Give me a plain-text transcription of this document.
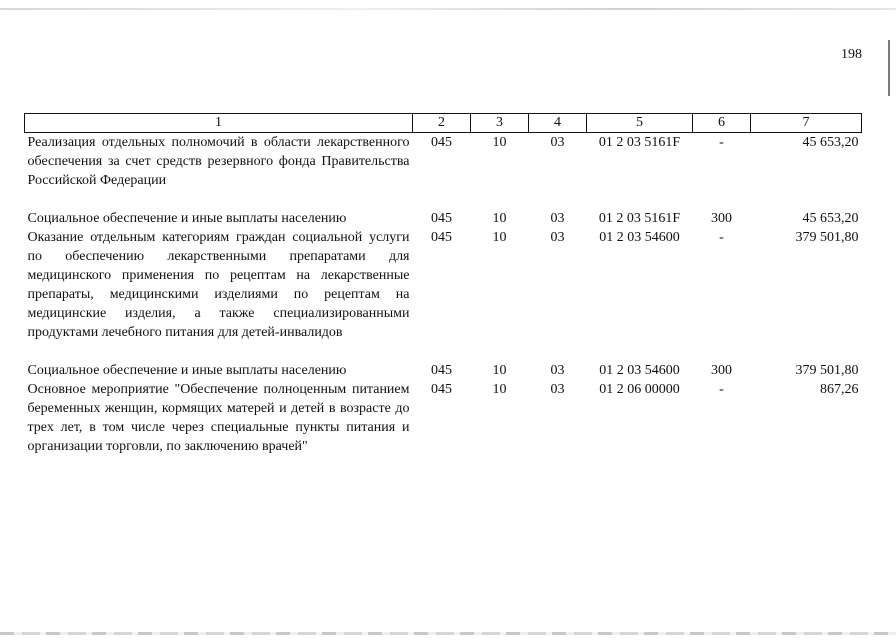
198
1	2	3	4	5	6	7
Реализация отдельных полномочий в области лекарственного обеспечения за счет средств резервного фонда Правительства Российской Федерации	045	10	03	01 2 03 5161F	-	45 653,20

Социальное обеспечение и иные выплаты населению	045	10	03	01 2 03 5161F	300	45 653,20
Оказание отдельным категориям граждан социальной услуги по обеспечению лекарственными препаратами для медицинского применения по рецептам на лекарственные препараты, медицинскими изделиями по рецептам на медицинские изделия, а также специализированными продуктами лечебного питания для детей-инвалидов	045	10	03	01 2 03 54600	-	379 501,80

Социальное обеспечение и иные выплаты населению	045	10	03	01 2 03 54600	300	379 501,80
Основное мероприятие "Обеспечение полноценным питанием беременных женщин, кормящих матерей и детей в возрасте до трех лет, в том числе через специальные пункты питания и организации торговли, по заключению врачей"	045	10	03	01 2 06 00000	-	867,26
